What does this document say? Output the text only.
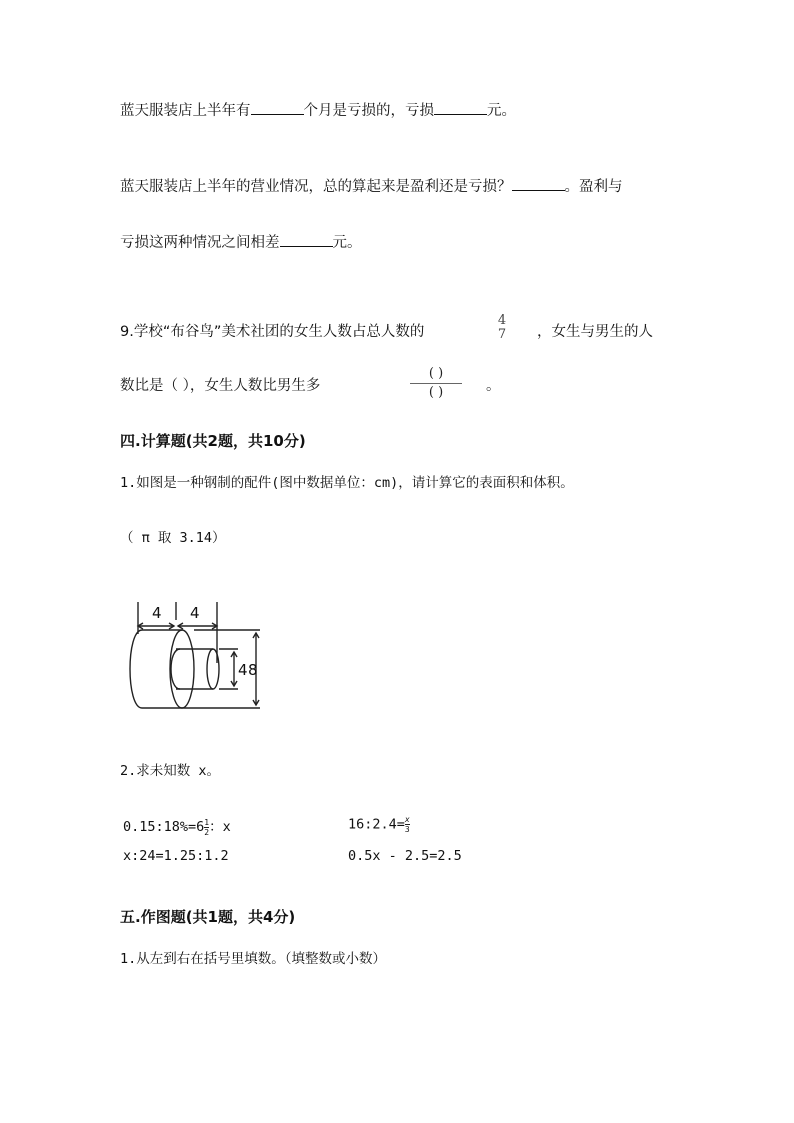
蓝天服装店上半年有	个月是亏损的，亏损	元。
蓝天服装店上半年的营业情况，总的算起来是盈利还是亏损？	。盈利与
亏损这两种情况之间相差	元。
9.学校“布谷鸟”美术社团的女生人数占总人数的
4
7 ，女生与男生的人
数比是（ ），女生人数比男生多
( )
( )	。
四.计算题(共2题，共10分)
1.如图是一种钢制的配件(图中数据单位：cm)，请计算它的表面积和体积。
（ π 取 3.14）
4 4
4 8
2.求未知数 x。
0.15:18%=6 $\frac{1}{2}$ ：x	16:2.4= $\frac{x}{3}$
x:24=1.25:1.2	0.5x - 2.5=2.5
五.作图题(共1题，共4分)
1.从左到右在括号里填数。（填整数或小数）
